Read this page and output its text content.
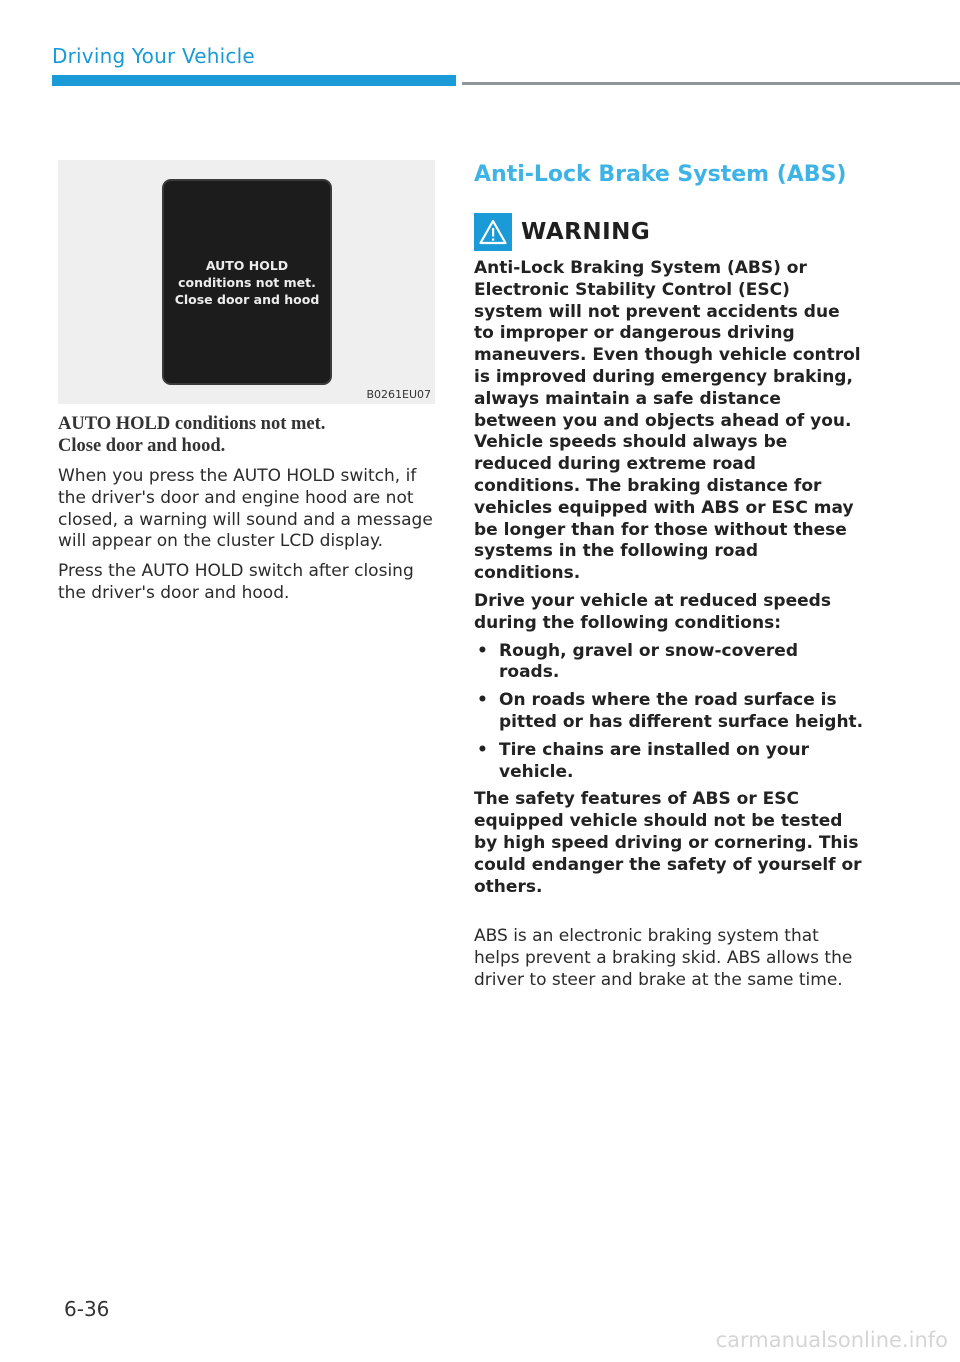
Driving Your Vehicle
AUTO HOLD
conditions not met.
Close door and hood
B0261EU07
AUTO HOLD conditions not met.
Close door and hood.

When you press the AUTO HOLD switch, if the driver's door and engine hood are not closed, a warning will sound and a message will appear on the cluster LCD display.

Press the AUTO HOLD switch after closing the driver's door and hood.

Anti-Lock Brake System (ABS)
WARNING

Anti-Lock Braking System (ABS) or Electronic Stability Control (ESC) system will not prevent accidents due to improper or dangerous driving maneuvers. Even though vehicle control is improved during emergency braking, always maintain a safe distance between you and objects ahead of you. Vehicle speeds should always be reduced during extreme road conditions. The braking distance for vehicles equipped with ABS or ESC may be longer than for those without these systems in the following road conditions.

Drive your vehicle at reduced speeds during the following conditions:

• Rough, gravel or snow-covered roads.
• On roads where the road surface is pitted or has different surface height.
• Tire chains are installed on your vehicle.

The safety features of ABS or ESC equipped vehicle should not be tested by high speed driving or cornering. This could endanger the safety of yourself or others.

ABS is an electronic braking system that helps prevent a braking skid. ABS allows the driver to steer and brake at the same time.

6-36
carmanualsonline.info
